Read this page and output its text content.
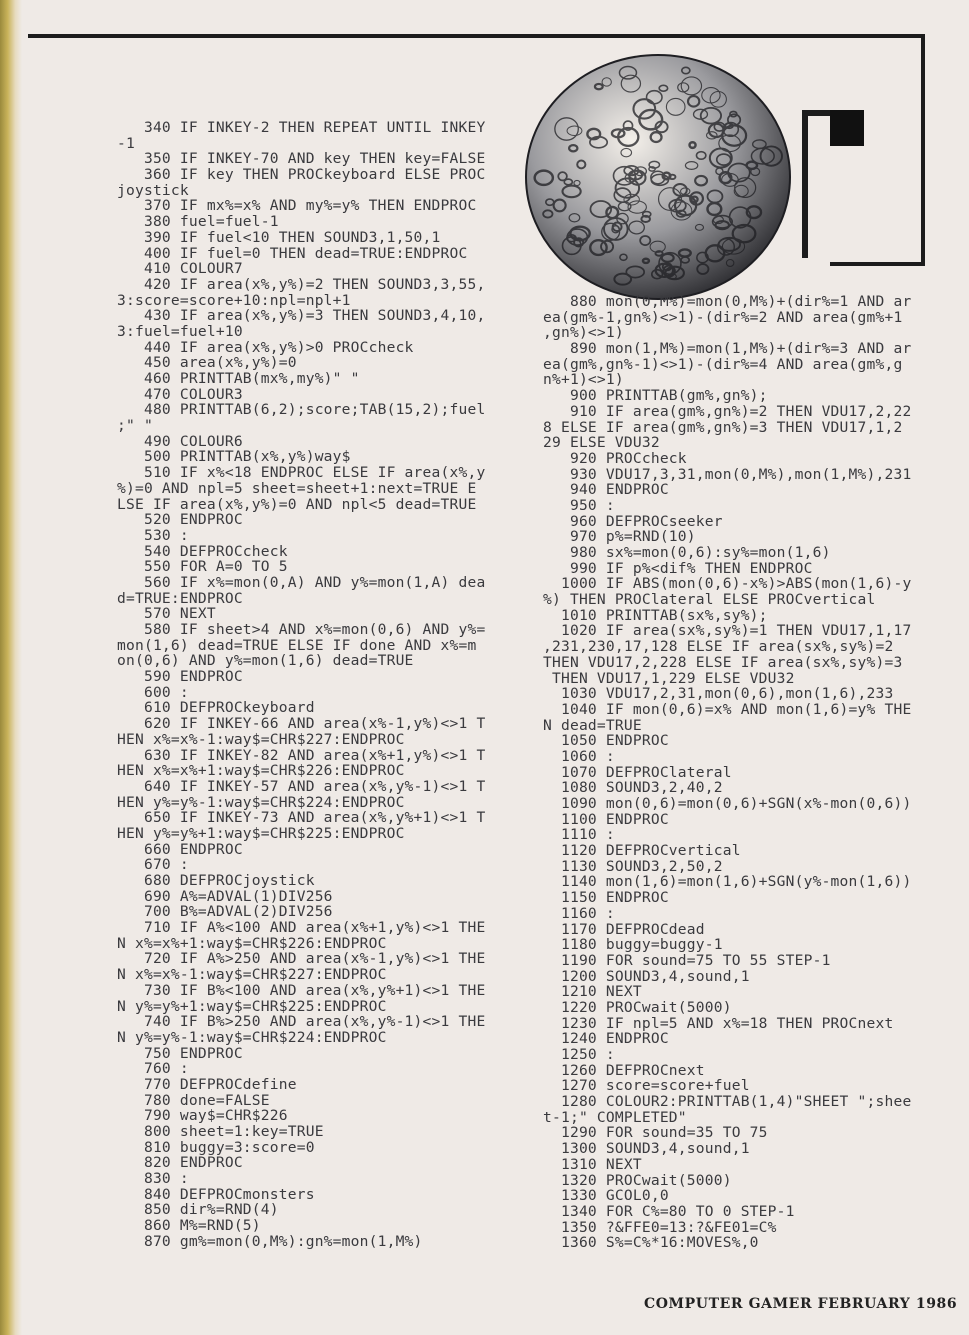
340 IF INKEY-2 THEN REPEAT UNTIL INKEY
-1
350 IF INKEY-70 AND key THEN key=FALSE
360 IF key THEN PROCkeyboard ELSE PROC
joystick
370 IF mx%=x% AND my%=y% THEN ENDPROC
380 fuel=fuel-1
390 IF fuel<10 THEN SOUND3,1,50,1
400 IF fuel=0 THEN dead=TRUE:ENDPROC
410 COLOUR7
420 IF area(x%,y%)=2 THEN SOUND3,3,55,
3:score=score+10:npl=npl+1
430 IF area(x%,y%)=3 THEN SOUND3,4,10,
3:fuel=fuel+10
440 IF area(x%,y%)>0 PROCcheck
450 area(x%,y%)=0
460 PRINTTAB(mx%,my%)" "
470 COLOUR3
480 PRINTTAB(6,2);score;TAB(15,2);fuel
;" "
490 COLOUR6
500 PRINTTAB(x%,y%)way$
510 IF x%<18 ENDPROC ELSE IF area(x%,y
%)=0 AND npl=5 sheet=sheet+1:next=TRUE E
LSE IF area(x%,y%)=0 AND npl<5 dead=TRUE
520 ENDPROC
530 :
540 DEFPROCcheck
550 FOR A=0 TO 5
560 IF x%=mon(0,A) AND y%=mon(1,A) dea
d=TRUE:ENDPROC
570 NEXT
580 IF sheet>4 AND x%=mon(0,6) AND y%=
mon(1,6) dead=TRUE ELSE IF done AND x%=m
on(0,6) AND y%=mon(1,6) dead=TRUE
590 ENDPROC
600 :
610 DEFPROCkeyboard
620 IF INKEY-66 AND area(x%-1,y%)<>1 T
HEN x%=x%-1:way$=CHR$227:ENDPROC
630 IF INKEY-82 AND area(x%+1,y%)<>1 T
HEN x%=x%+1:way$=CHR$226:ENDPROC
640 IF INKEY-57 AND area(x%,y%-1)<>1 T
HEN y%=y%-1:way$=CHR$224:ENDPROC
650 IF INKEY-73 AND area(x%,y%+1)<>1 T
HEN y%=y%+1:way$=CHR$225:ENDPROC
660 ENDPROC
670 :
680 DEFPROCjoystick
690 A%=ADVAL(1)DIV256
700 B%=ADVAL(2)DIV256
710 IF A%<100 AND area(x%+1,y%)<>1 THE
N x%=x%+1:way$=CHR$226:ENDPROC
720 IF A%>250 AND area(x%-1,y%)<>1 THE
N x%=x%-1:way$=CHR$227:ENDPROC
730 IF B%<100 AND area(x%,y%+1)<>1 THE
N y%=y%+1:way$=CHR$225:ENDPROC
740 IF B%>250 AND area(x%,y%-1)<>1 THE
N y%=y%-1:way$=CHR$224:ENDPROC
750 ENDPROC
760 :
770 DEFPROCdefine
780 done=FALSE
790 way$=CHR$226
800 sheet=1:key=TRUE
810 buggy=3:score=0
820 ENDPROC
830 :
840 DEFPROCmonsters
850 dir%=RND(4)
860 M%=RND(5)
870 gm%=mon(0,M%):gn%=mon(1,M%)
880 mon(0,M%)=mon(0,M%)+(dir%=1 AND ar
ea(gm%-1,gn%)<>1)-(dir%=2 AND area(gm%+1
,gn%)<>1)
890 mon(1,M%)=mon(1,M%)+(dir%=3 AND ar
ea(gm%,gn%-1)<>1)-(dir%=4 AND area(gm%,g
n%+1)<>1)
900 PRINTTAB(gm%,gn%);
910 IF area(gm%,gn%)=2 THEN VDU17,2,22
8 ELSE IF area(gm%,gn%)=3 THEN VDU17,1,2
29 ELSE VDU32
920 PROCcheck
930 VDU17,3,31,mon(0,M%),mon(1,M%),231
940 ENDPROC
950 :
960 DEFPROCseeker
970 p%=RND(10)
980 sx%=mon(0,6):sy%=mon(1,6)
990 IF p%<dif% THEN ENDPROC
1000 IF ABS(mon(0,6)-x%)>ABS(mon(1,6)-y
%) THEN PROClateral ELSE PROCvertical
1010 PRINTTAB(sx%,sy%);
1020 IF area(sx%,sy%)=1 THEN VDU17,1,17
,231,230,17,128 ELSE IF area(sx%,sy%)=2
THEN VDU17,2,228 ELSE IF area(sx%,sy%)=3
THEN VDU17,1,229 ELSE VDU32
1030 VDU17,2,31,mon(0,6),mon(1,6),233
1040 IF mon(0,6)=x% AND mon(1,6)=y% THE
N dead=TRUE
1050 ENDPROC
1060 :
1070 DEFPROClateral
1080 SOUND3,2,40,2
1090 mon(0,6)=mon(0,6)+SGN(x%-mon(0,6))
1100 ENDPROC
1110 :
1120 DEFPROCvertical
1130 SOUND3,2,50,2
1140 mon(1,6)=mon(1,6)+SGN(y%-mon(1,6))
1150 ENDPROC
1160 :
1170 DEFPROCdead
1180 buggy=buggy-1
1190 FOR sound=75 TO 55 STEP-1
1200 SOUND3,4,sound,1
1210 NEXT
1220 PROCwait(5000)
1230 IF npl=5 AND x%=18 THEN PROCnext
1240 ENDPROC
1250 :
1260 DEFPROCnext
1270 score=score+fuel
1280 COLOUR2:PRINTTAB(1,4)"SHEET ";shee
t-1;" COMPLETED"
1290 FOR sound=35 TO 75
1300 SOUND3,4,sound,1
1310 NEXT
1320 PROCwait(5000)
1330 GCOL0,0
1340 FOR C%=80 TO 0 STEP-1
1350 ?&FFE0=13:?&FE01=C%
1360 S%=C%*16:MOVES%,0
COMPUTER GAMER FEBRUARY 1986
